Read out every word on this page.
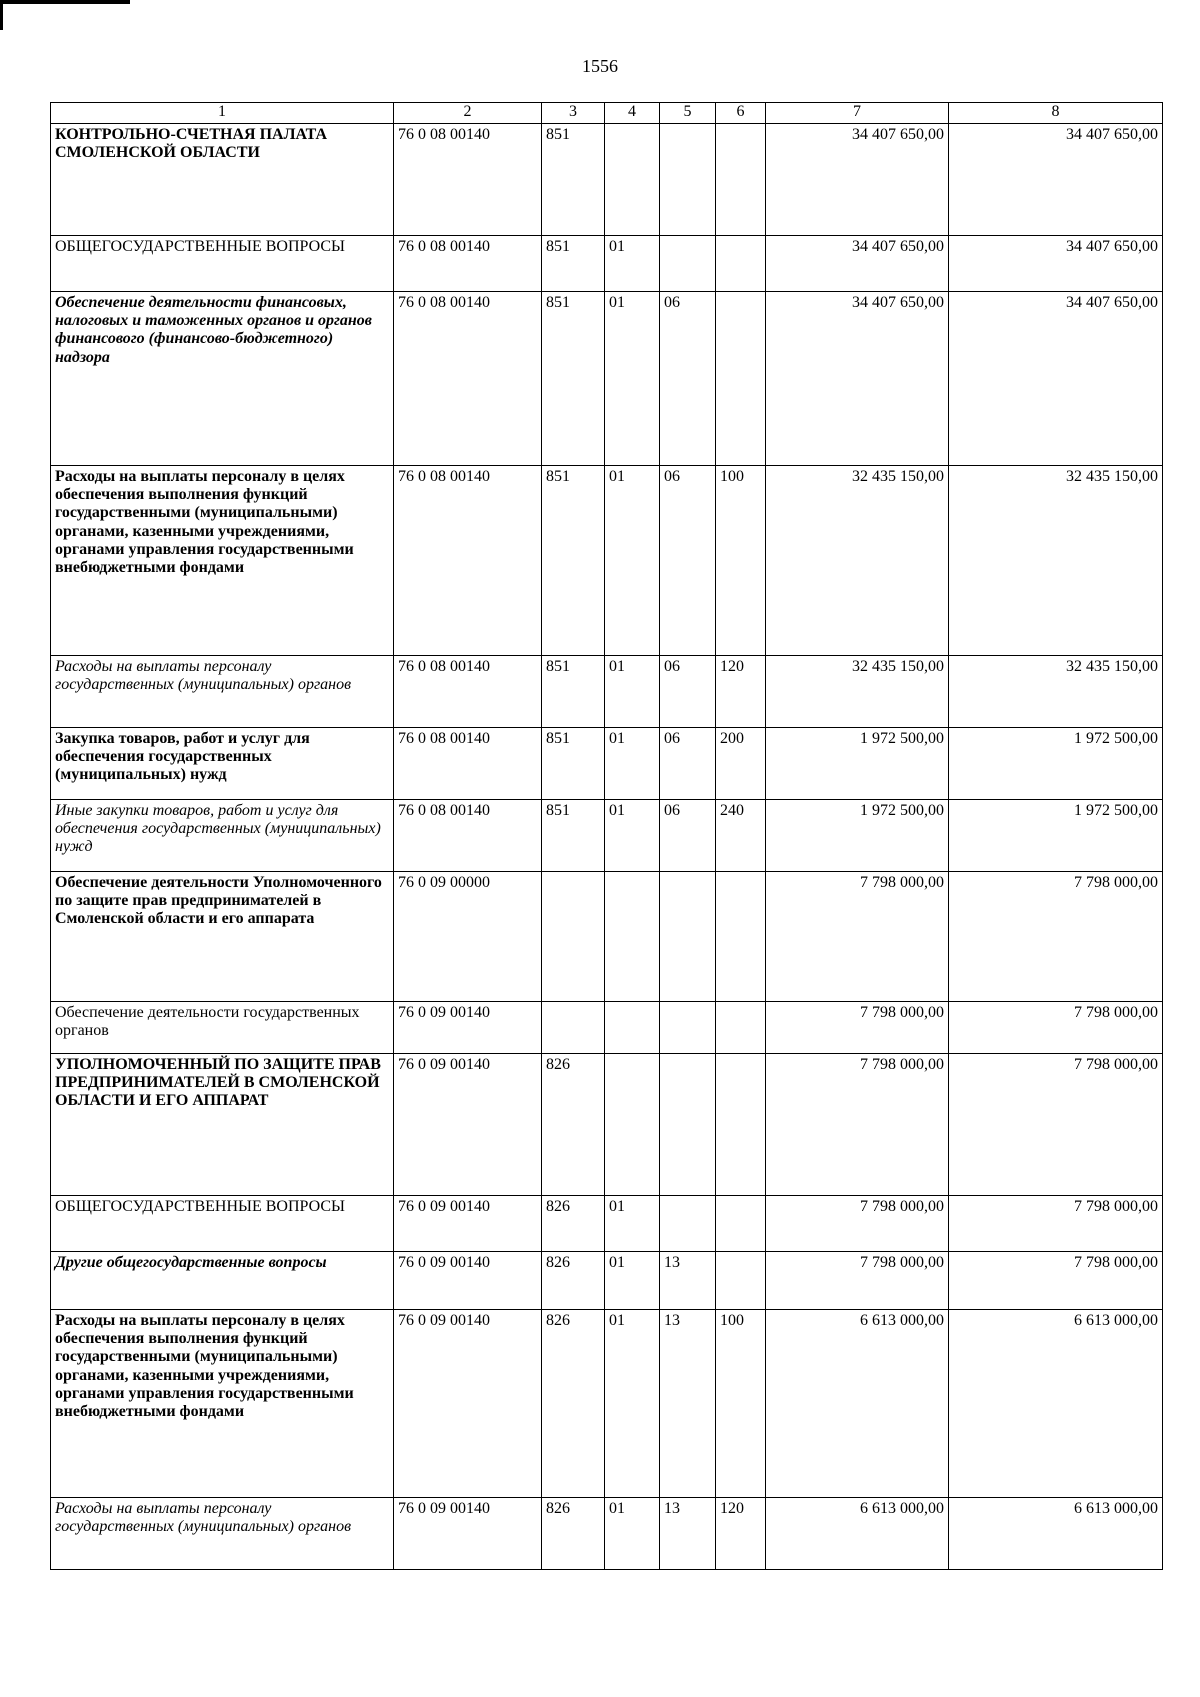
1556
1	2	3	4	5	6	7	8
КОНТРОЛЬНО-СЧЕТНАЯ ПАЛАТА СМОЛЕНСКОЙ ОБЛАСТИ	76 0 08 00140	851				34 407 650,00	34 407 650,00
ОБЩЕГОСУДАРСТВЕННЫЕ ВОПРОСЫ	76 0 08 00140	851	01			34 407 650,00	34 407 650,00
Обеспечение деятельности финансовых, налоговых и таможенных органов и органов финансового (финансово-бюджетного) надзора	76 0 08 00140	851	01	06		34 407 650,00	34 407 650,00
Расходы на выплаты персоналу в целях обеспечения выполнения функций государственными (муниципальными) органами, казенными учреждениями, органами управления государственными внебюджетными фондами	76 0 08 00140	851	01	06	100	32 435 150,00	32 435 150,00
Расходы на выплаты персоналу государственных (муниципальных) органов	76 0 08 00140	851	01	06	120	32 435 150,00	32 435 150,00
Закупка товаров, работ и услуг для обеспечения государственных (муниципальных) нужд	76 0 08 00140	851	01	06	200	1 972 500,00	1 972 500,00
Иные закупки товаров, работ и услуг для обеспечения государственных (муниципальных) нужд	76 0 08 00140	851	01	06	240	1 972 500,00	1 972 500,00
Обеспечение деятельности Уполномоченного по защите прав предпринимателей в Смоленской области и его аппарата	76 0 09 00000					7 798 000,00	7 798 000,00
Обеспечение деятельности государственных органов	76 0 09 00140					7 798 000,00	7 798 000,00
УПОЛНОМОЧЕННЫЙ ПО ЗАЩИТЕ ПРАВ ПРЕДПРИНИМАТЕЛЕЙ В СМОЛЕНСКОЙ ОБЛАСТИ И ЕГО АППАРАТ	76 0 09 00140	826				7 798 000,00	7 798 000,00
ОБЩЕГОСУДАРСТВЕННЫЕ ВОПРОСЫ	76 0 09 00140	826	01			7 798 000,00	7 798 000,00
Другие общегосударственные вопросы	76 0 09 00140	826	01	13		7 798 000,00	7 798 000,00
Расходы на выплаты персоналу в целях обеспечения выполнения функций государственными (муниципальными) органами, казенными учреждениями, органами управления государственными внебюджетными фондами	76 0 09 00140	826	01	13	100	6 613 000,00	6 613 000,00
Расходы на выплаты персоналу государственных (муниципальных) органов	76 0 09 00140	826	01	13	120	6 613 000,00	6 613 000,00
